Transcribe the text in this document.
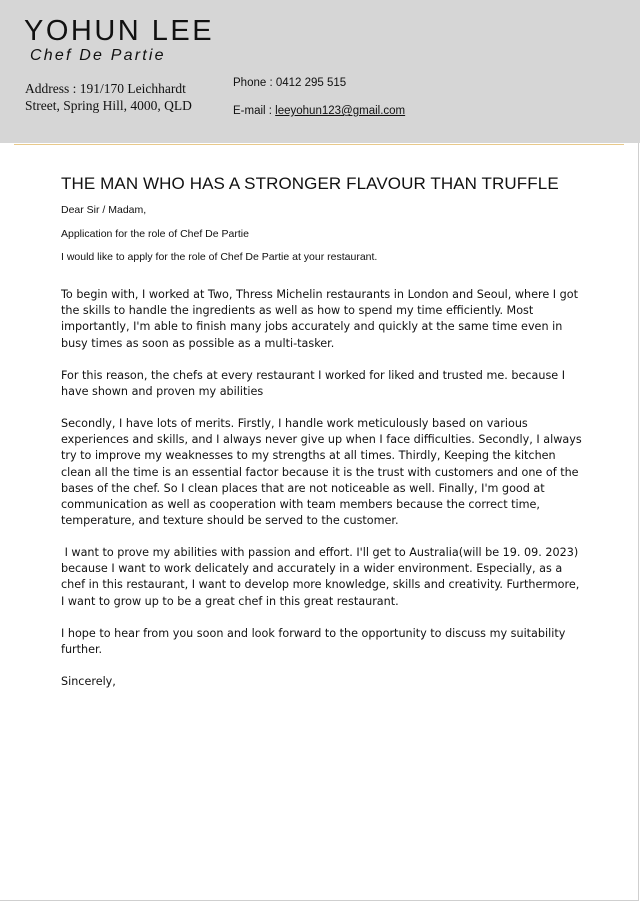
YOHUN LEE
Chef De Partie
Address : 191/170 Leichhardt Street, Spring Hill, 4000, QLD
Phone : 0412 295 515
E-mail : leeyohun123@gmail.com
THE MAN WHO HAS A STRONGER FLAVOUR THAN TRUFFLE
Dear Sir / Madam,
Application for the role of Chef De Partie
I would like to apply for the role of Chef De Partie at your restaurant.

To begin with, I worked at Two, Thress Michelin restaurants in London and Seoul, where I got the skills to handle the ingredients as well as how to spend my time efficiently. Most importantly, I'm able to finish many jobs accurately and quickly at the same time even in busy times as soon as possible as a multi-tasker.

For this reason, the chefs at every restaurant I worked for liked and trusted me. because I have shown and proven my abilities

Secondly, I have lots of merits. Firstly, I handle work meticulously based on various experiences and skills, and I always never give up when I face difficulties. Secondly, I always try to improve my weaknesses to my strengths at all times. Thirdly, Keeping the kitchen clean all the time is an essential factor because it is the trust with customers and one of the bases of the chef. So I clean places that are not noticeable as well. Finally, I'm good at communication as well as cooperation with team members because the correct time, temperature, and texture should be served to the customer.

I want to prove my abilities with passion and effort. I'll get to Australia(will be 19. 09. 2023) because I want to work delicately and accurately in a wider environment. Especially, as a chef in this restaurant, I want to develop more knowledge, skills and creativity. Furthermore, I want to grow up to be a great chef in this great restaurant.

I hope to hear from you soon and look forward to the opportunity to discuss my suitability further.

Sincerely,
